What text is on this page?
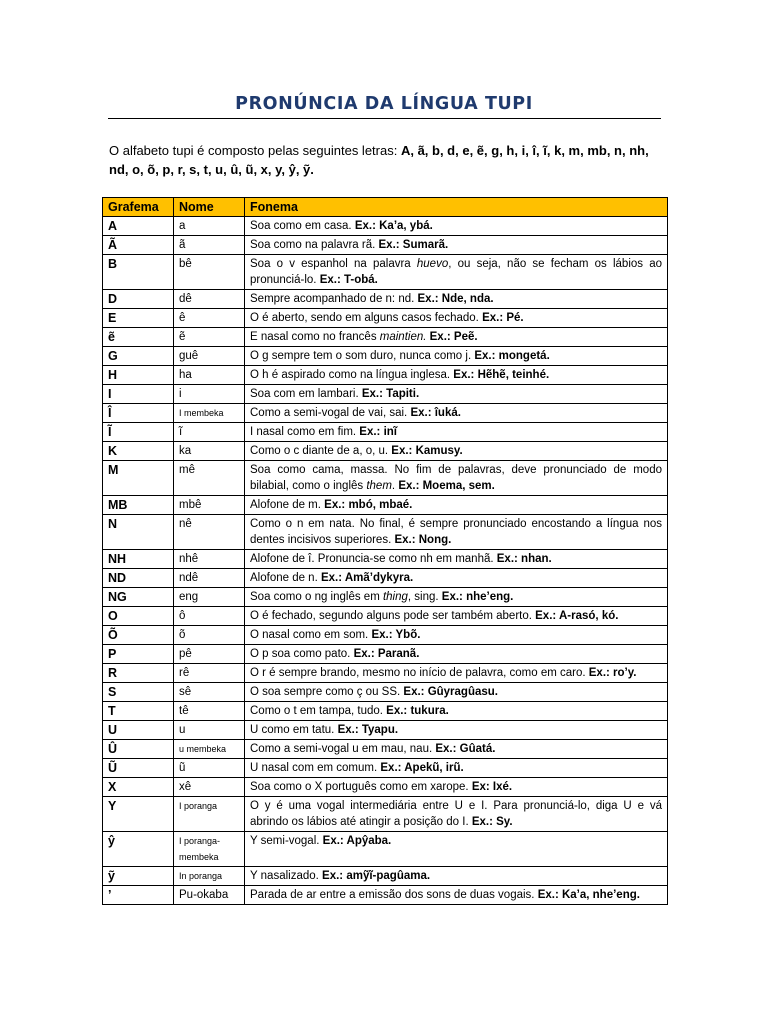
PRONÚNCIA DA LÍNGUA TUPI
O alfabeto tupi é composto pelas seguintes letras: A, ã, b, d, e, ẽ, g, h, i, î, ĩ, k, m, mb, n, nh, nd, o, õ, p, r, s, t, u, û, ũ, x, y, ŷ, ỹ.
Grafema	Nome	Fonema
A	a	Soa como em casa. Ex.: Ka’a, ybá.
Ã	ã	Soa como na palavra rã. Ex.: Sumarã.
B	bê	Soa o v espanhol na palavra huevo, ou seja, não se fecham os lábios ao pronunciá-lo. Ex.: T-obá.
D	dê	Sempre acompanhado de n: nd. Ex.: Nde, nda.
E	ê	O é aberto, sendo em alguns casos fechado. Ex.: Pé.
ẽ	ẽ	E nasal como no francês maintien. Ex.: Peẽ.
G	guê	O g sempre tem o som duro, nunca como j. Ex.: mongetá.
H	ha	O h é aspirado como na língua inglesa. Ex.: Hẽhẽ, teinhé.
I	i	Soa com em lambari. Ex.: Tapiti.
Î	I membeka	Como a semi-vogal de vai, sai. Ex.: îuká.
Ĩ	ĩ	I nasal como em fim. Ex.: inĩ
K	ka	Como o c diante de a, o, u. Ex.: Kamusy.
M	mê	Soa como cama, massa. No fim de palavras, deve pronunciado de modo bilabial, como o inglês them. Ex.: Moema, sem.
MB	mbê	Alofone de m. Ex.: mbó, mbaé.
N	nê	Como o n em nata. No final, é sempre pronunciado encostando a língua nos dentes incisivos superiores. Ex.: Nong.
NH	nhê	Alofone de î. Pronuncia-se como nh em manhã. Ex.: nhan.
ND	ndê	Alofone de n. Ex.: Amã’dykyra.
NG	eng	Soa como o ng inglês em thing, sing. Ex.: nhe’eng.
O	ô	O é fechado, segundo alguns pode ser também aberto. Ex.: A-rasó, kó.
Õ	õ	O nasal como em som. Ex.: Ybõ.
P	pê	O p soa como pato. Ex.: Paranã.
R	rê	O r é sempre brando, mesmo no início de palavra, como em caro. Ex.: ro’y.
S	sê	O soa sempre como ç ou SS. Ex.: Gûyragûasu.
T	tê	Como o t em tampa, tudo. Ex.: tukura.
U	u	U como em tatu. Ex.: Tyapu.
Û	u membeka	Como a semi-vogal u em mau, nau. Ex.: Gûatá.
Ũ	ũ	U nasal com em comum. Ex.: Apekũ, irũ.
X	xê	Soa como o X português como em xarope. Ex: Ixé.
Y	I poranga	O y é uma vogal intermediária entre U e I. Para pronunciá-lo, diga U e vá abrindo os lábios até atingir a posição do I. Ex.: Sy.
ŷ	I poranga-membeka	Y semi-vogal. Ex.: Apŷaba.
ỹ	In poranga	Y nasalizado. Ex.: amỹĩ-pagûama.
’	Pu-okaba	Parada de ar entre a emissão dos sons de duas vogais. Ex.: Ka’a, nhe’eng.
